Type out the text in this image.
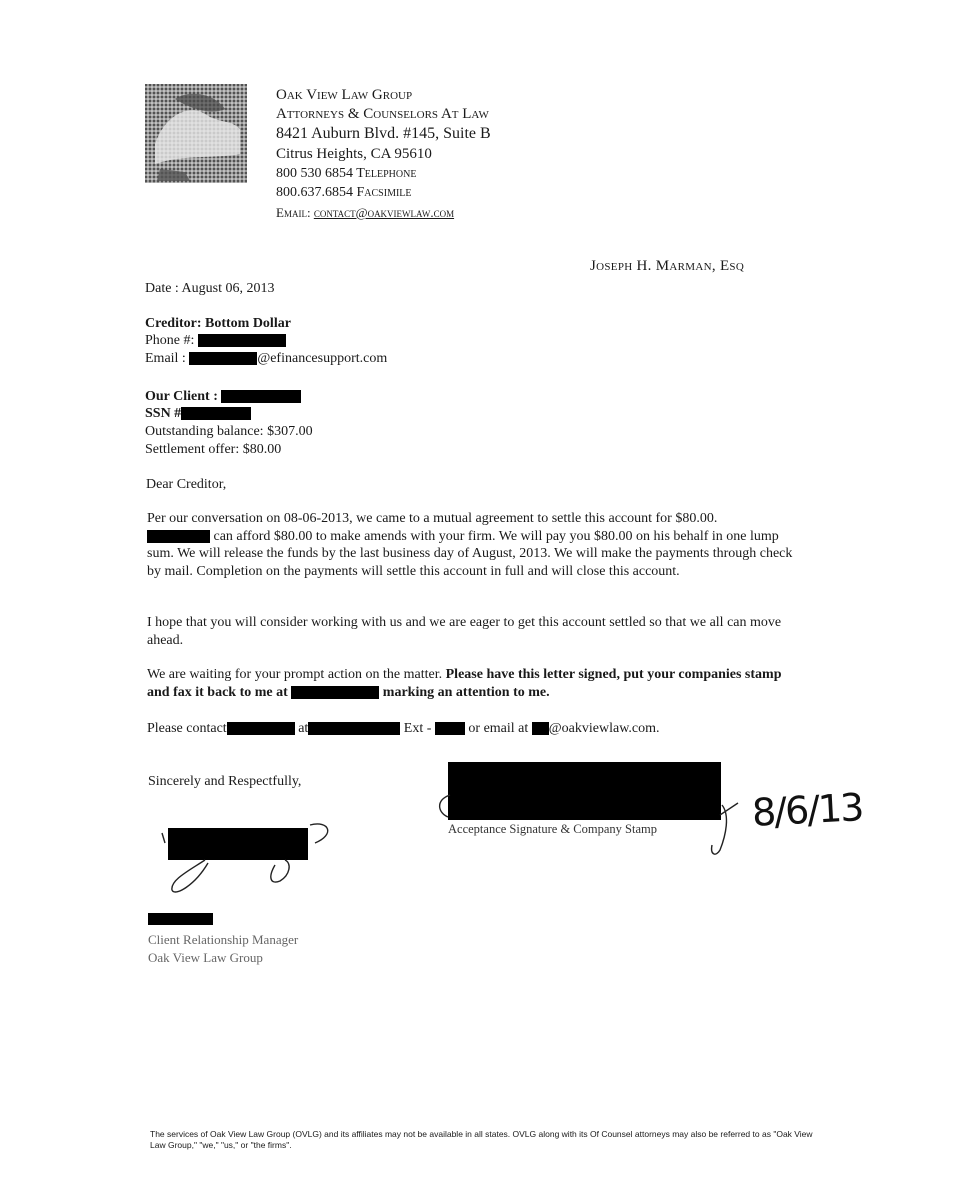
Oak View Law Group
Attorneys & Counselors At Law
8421 Auburn Blvd. #145, Suite B
Citrus Heights, CA 95610
800 530 6854 Telephone
800.637.6854 Facsimile
Email: contact@oakviewlaw.com
Joseph H. Marman, Esq
Date : August 06, 2013
Creditor: Bottom Dollar
Phone #:
Email :	@efinancesupport.com
Our Client :
SSN #
Outstanding balance: $307.00
Settlement offer: $80.00
Dear Creditor,
Per our conversation on 08-06-2013, we came to a mutual agreement to settle this account for $80.00.
can afford $80.00 to make amends with your firm. We will pay you $80.00 on his behalf in one lump sum. We will release the funds by the last business day of August, 2013. We will make the payments through check by mail. Completion on the payments will settle this account in full and will close this account.
I hope that you will consider working with us and we are eager to get this account settled so that we all can move ahead.
We are waiting for your prompt action on the matter. Please have this letter signed, put your companies stamp and fax it back to me at	marking an attention to me.
Please contact	at	Ext -	or email at @oakviewlaw.com.
Sincerely and Respectfully,
Acceptance Signature & Company Stamp 8/6/13
Client Relationship Manager
Oak View Law Group
The services of Oak View Law Group (OVLG) and its affiliates may not be available in all states. OVLG along with its Of Counsel attorneys may also be referred to as "Oak View Law Group," "we," "us," or "the firms".
